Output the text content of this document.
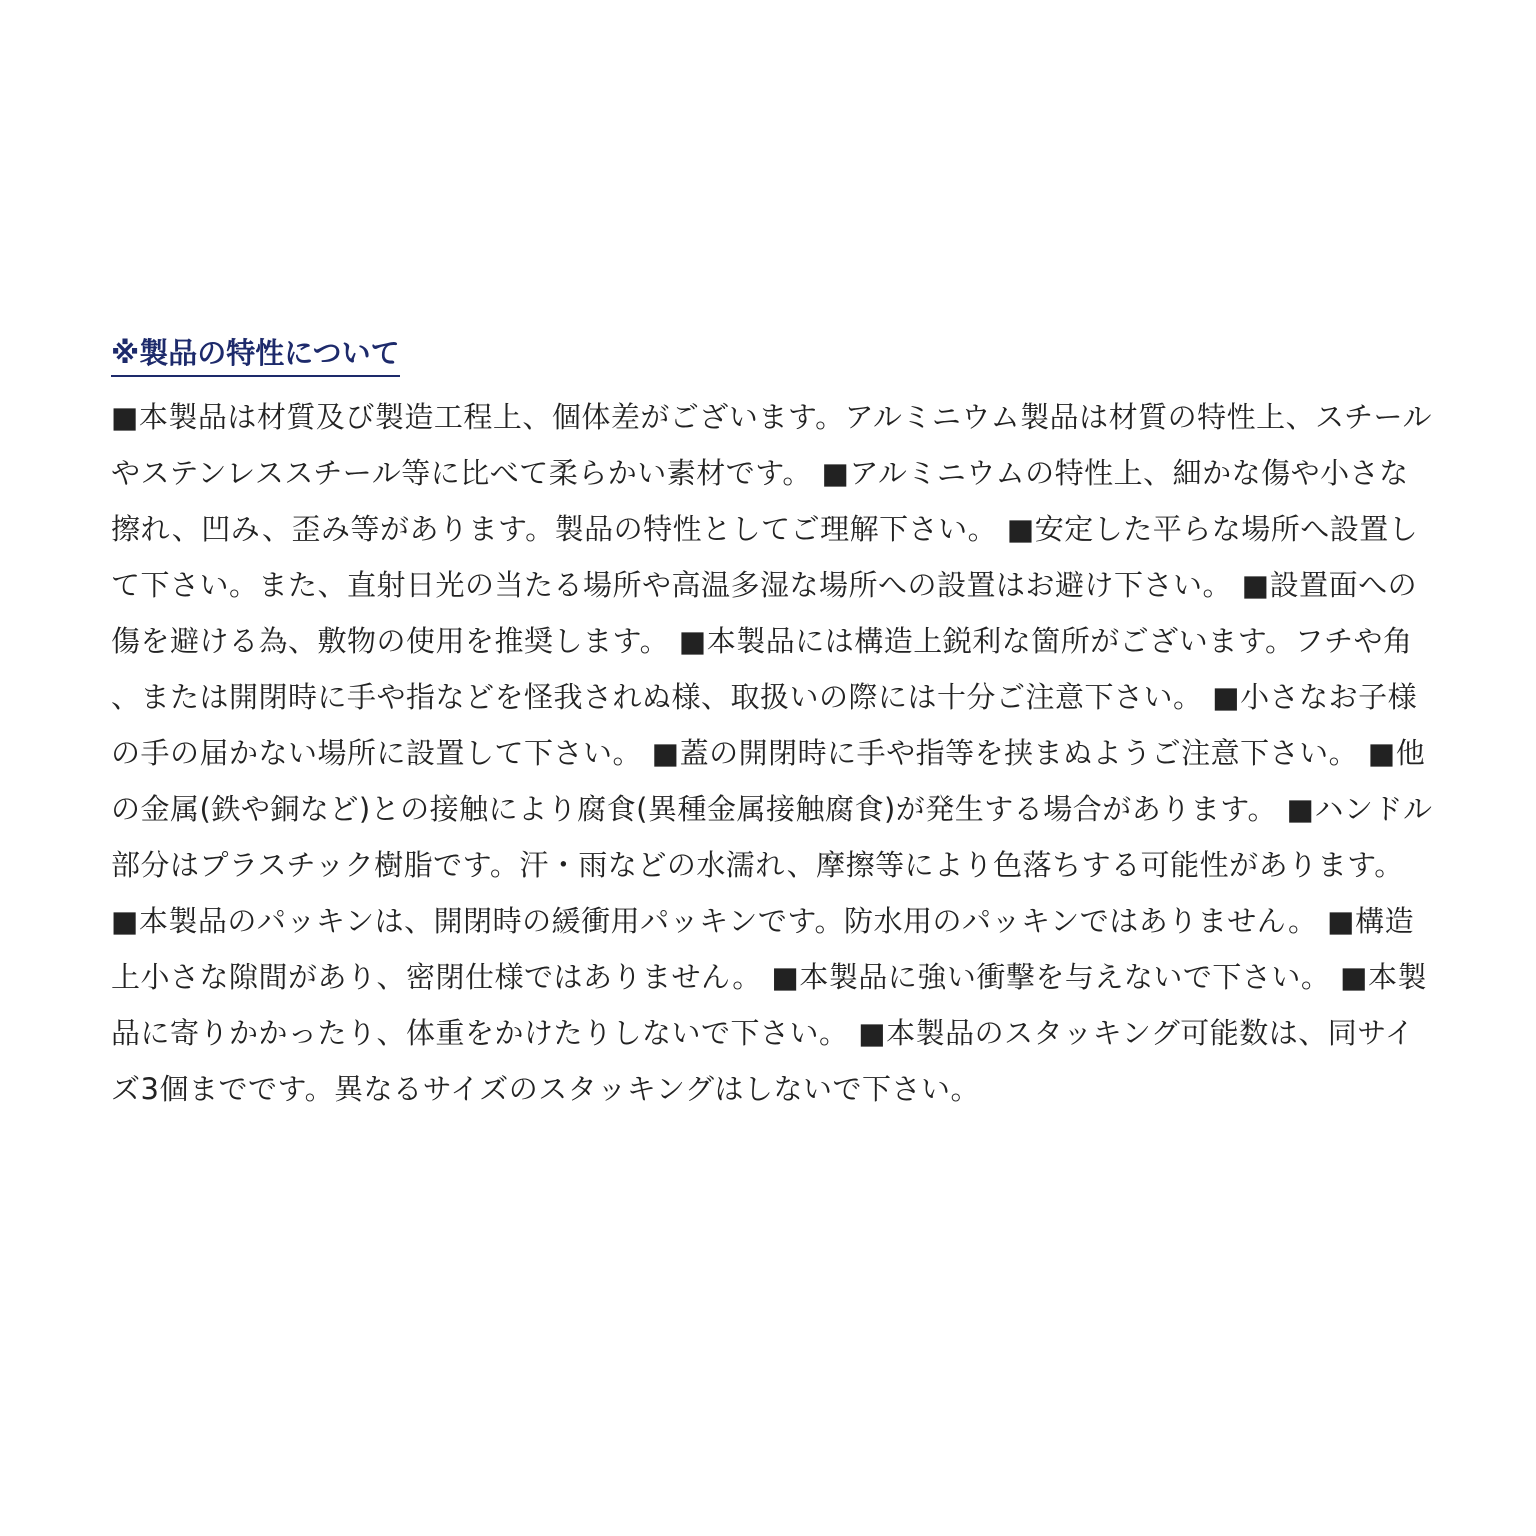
※製品の特性について

■本製品は材質及び製造工程上、個体差がございます。アルミニウム製品は材質の特性上、スチールやステンレススチール等に比べて柔らかい素材です。 ■アルミニウムの特性上、細かな傷や小さな擦れ、凹み、歪み等があります。製品の特性としてご理解下さい。 ■安定した平らな場所へ設置して下さい。また、直射日光の当たる場所や高温多湿な場所への設置はお避け下さい。 ■設置面への傷を避ける為、敷物の使用を推奨します。 ■本製品には構造上鋭利な箇所がございます。フチや角、または開閉時に手や指などを怪我されぬ様、取扱いの際には十分ご注意下さい。 ■小さなお子様の手の届かない場所に設置して下さい。 ■蓋の開閉時に手や指等を挟まぬようご注意下さい。 ■他の金属(鉄や銅など)との接触により腐食(異種金属接触腐食)が発生する場合があります。 ■ハンドル部分はプラスチック樹脂です。汗・雨などの水濡れ、摩擦等により色落ちする可能性があります。 ■本製品のパッキンは、開閉時の緩衝用パッキンです。防水用のパッキンではありません。 ■構造上小さな隙間があり、密閉仕様ではありません。 ■本製品に強い衝撃を与えないで下さい。 ■本製品に寄りかかったり、体重をかけたりしないで下さい。 ■本製品のスタッキング可能数は、同サイズ3個までです。異なるサイズのスタッキングはしないで下さい。
